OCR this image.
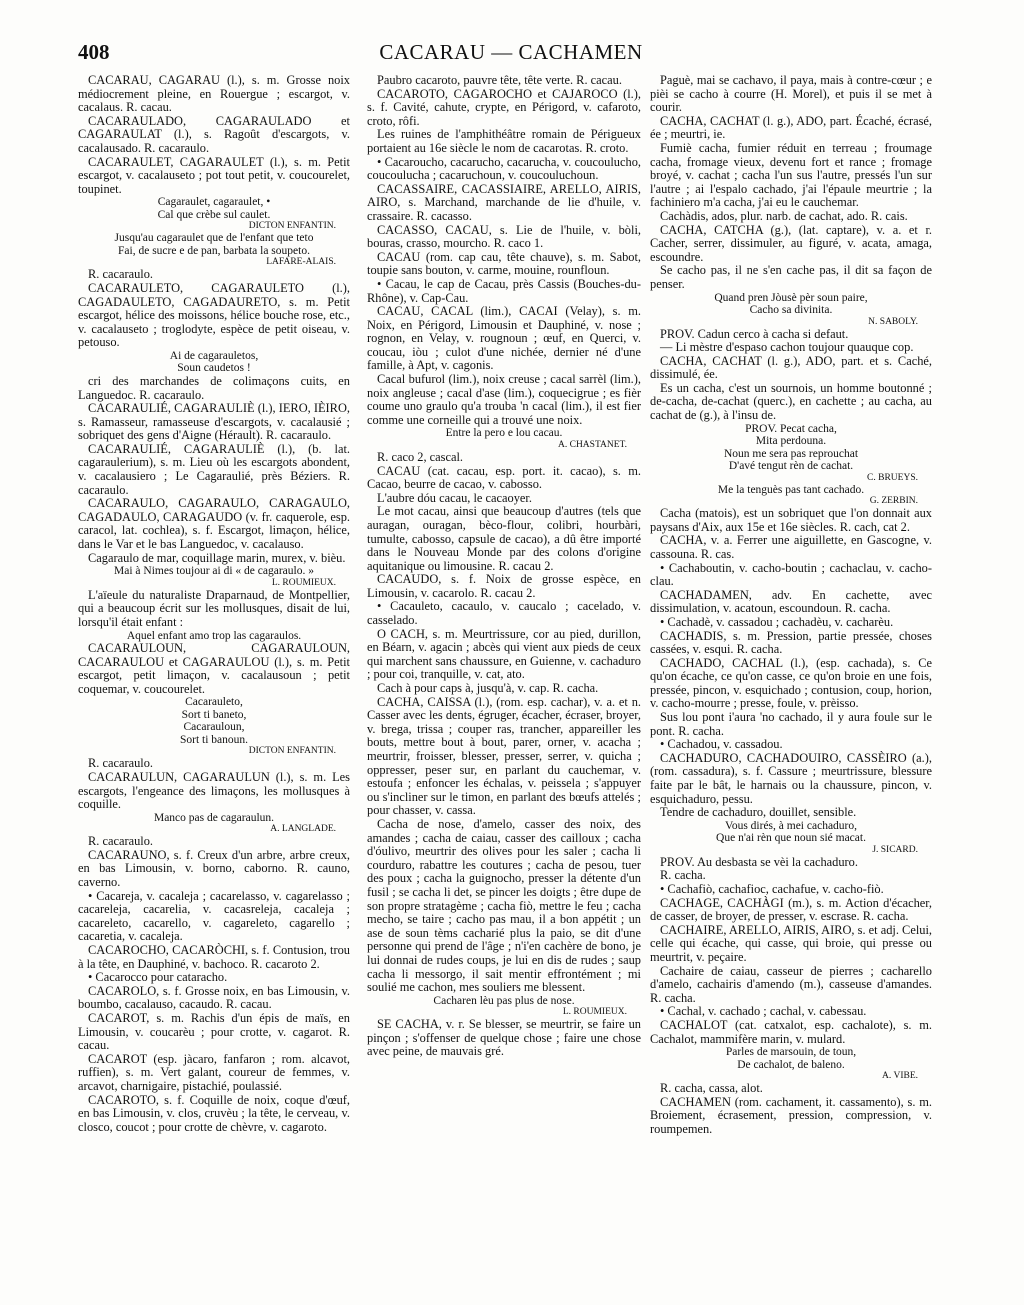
408	CACARAU — CACHAMEN

CACARAU, CAGARAU (l.), s. m. Grosse noix médiocrement pleine, en Rouergue ; escargot, v. cacalaus. R. cacau.

CACARAULADO, CAGARAULADO et CAGARAULAT (l.), s. Ragoût d'escargots, v. cacalausado. R. cacaraulo.

CACARAULET, CAGARAULET (l.), s. m. Petit escargot, v. cacalauseto ; pot tout petit, v. coucourelet, toupinet.

Cagaraulet, cagaraulet, •

Cal que crèbe sul caulet.

DICTON ENFANTIN.

Jusqu'au cagaraulet que de l'enfant que teto

Fai, de sucre e de pan, barbata la soupeto.

LAFARE-ALAIS.

R. cacaraulo.

CACARAULETO, CAGARAULETO (l.), CAGADAULETO, CAGADAURETO, s. m. Petit escargot, hélice des moissons, hélice bouche rose, etc., v. cacalauseto ; troglodyte, espèce de petit oiseau, v. petouso.

Ai de cagarauletos,

Soun caudetos !

cri des marchandes de colimaçons cuits, en Languedoc. R. cacaraulo.

CACARAULIÉ, CAGARAULIÈ (l.), IERO, IÈIRO, s. Ramasseur, ramasseuse d'escargots, v. cacalausié ; sobriquet des gens d'Aigne (Hérault). R. cacaraulo.

CACARAULIÉ, CAGARAULIÈ (l.), (b. lat. cagaraulerium), s. m. Lieu où les escargots abondent, v. cacalausiero ; Le Cagaraulié, près Béziers. R. cacaraulo.

CACARAULO, CAGARAULO, CARAGAULO, CAGADAULO, CARAGAUDO (v. fr. caquerole, esp. caracol, lat. cochlea), s. f. Escargot, limaçon, hélice, dans le Var et le bas Languedoc, v. cacalauso.

Cagaraulo de mar, coquillage marin, murex, v. bièu.

Mai à Nimes toujour ai di « de cagaraulo. »

L. ROUMIEUX.

L'aïeule du naturaliste Draparnaud, de Montpellier, qui a beaucoup écrit sur les mollusques, disait de lui, lorsqu'il était enfant :

Aquel enfant amo trop las cagaraulos.

CACARAULOUN, CAGARAULOUN, CACARAULOU et CAGARAULOU (l.), s. m. Petit escargot, petit limaçon, v. cacalausoun ; petit coquemar, v. coucourelet.

Cacarauleto,

Sort ti baneto,

Cacarauloun,

Sort ti banoun.

DICTON ENFANTIN.

R. cacaraulo.

CACARAULUN, CAGARAULUN (l.), s. m. Les escargots, l'engeance des limaçons, les mollusques à coquille.

Manco pas de cagaraulun.

A. LANGLADE.

R. cacaraulo.

CACARAUNO, s. f. Creux d'un arbre, arbre creux, en bas Limousin, v. borno, caborno. R. cauno, caverno.

• Cacareja, v. cacaleja ; cacarelasso, v. cagarelasso ; cacareleja, cacarelia, v. cacasreleja, cacaleja ; cacareleto, cacarello, v. cagareleto, cagarello ; cacaretia, v. cacaleja.

CACAROCHO, CACARÒCHI, s. f. Contusion, trou à la tête, en Dauphiné, v. bachoco. R. cacaroto 2.

• Cacarocco pour cataracho.

CACAROLO, s. f. Grosse noix, en bas Limousin, v. boumbo, cacalauso, cacaudo. R. cacau.

CACAROT, s. m. Rachis d'un épis de maïs, en Limousin, v. coucarèu ; pour crotte, v. cagarot. R. cacau.

CACAROT (esp. jàcaro, fanfaron ; rom. alcavot, ruffien), s. m. Vert galant, coureur de femmes, v. arcavot, charnigaire, pistachié, poulassié.

CACAROTO, s. f. Coquille de noix, coque d'œuf, en bas Limousin, v. clos, cruvèu ; la tête, le cerveau, v. closco, coucot ; pour crotte de chèvre, v. cagaroto.

Paubro cacaroto, pauvre tête, tête verte. R. cacau.

CACAROTO, CAGAROCHO et CAJAROCO (l.), s. f. Cavité, cahute, crypte, en Périgord, v. cafaroto, croto, rôfi.

Les ruines de l'amphithéâtre romain de Périgueux portaient au 16e siècle le nom de cacarotas. R. croto.

• Cacaroucho, cacarucho, cacarucha, v. coucoulucho, coucoulucha ; cacaruchoun, v. coucouluchoun.

CACASSAIRE, CACASSIAIRE, ARELLO, AIRIS, AIRO, s. Marchand, marchande de lie d'huile, v. crassaire. R. cacasso.

CACASSO, CACAU, s. Lie de l'huile, v. bòli, bouras, crasso, mourcho. R. caco 1.

CACAU (rom. cap cau, tête chauve), s. m. Sabot, toupie sans bouton, v. carme, mouine, rounfloun.

• Cacau, le cap de Cacau, près Cassis (Bouches-du-Rhône), v. Cap-Cau.

CACAU, CACAL (lim.), CACAI (Velay), s. m. Noix, en Périgord, Limousin et Dauphiné, v. nose ; rognon, en Velay, v. rougnoun ; œuf, en Querci, v. coucau, iòu ; culot d'une nichée, dernier né d'une famille, à Apt, v. cagonis.

Cacal bufurol (lim.), noix creuse ; cacal sarrèl (lim.), noix angleuse ; cacal d'ase (lim.), coquecigrue ; es fièr coume uno graulo qu'a trouba 'n cacal (lim.), il est fier comme une corneille qui a trouvé une noix.

Entre la pero e lou cacau.

A. CHASTANET.

R. caco 2, cascal.

CACAU (cat. cacau, esp. port. it. cacao), s. m. Cacao, beurre de cacao, v. cabosso.

L'aubre dóu cacau, le cacaoyer.

Le mot cacau, ainsi que beaucoup d'autres (tels que auragan, ouragan, bèco-flour, colibri, hourbàri, tumulte, cabosso, capsule de cacao), a dû être importé dans le Nouveau Monde par des colons d'origine aquitanique ou limousine. R. cacau 2.

CACAUDO, s. f. Noix de grosse espèce, en Limousin, v. cacarolo. R. cacau 2.

• Cacauleto, cacaulo, v. caucalo ; cacelado, v. casselado.

O CACH, s. m. Meurtrissure, cor au pied, durillon, en Béarn, v. agacin ; abcès qui vient aux pieds de ceux qui marchent sans chaussure, en Guienne, v. cachaduro ; pour coi, tranquille, v. cat, ato.

Cach à pour caps à, jusqu'à, v. cap. R. cacha.

CACHA, CAISSA (l.), (rom. esp. cachar), v. a. et n. Casser avec les dents, égruger, écacher, écraser, broyer, v. brega, trissa ; couper ras, trancher, appareiller les bouts, mettre bout à bout, parer, orner, v. acacha ; meurtrir, froisser, blesser, presser, serrer, v. quicha ; oppresser, peser sur, en parlant du cauchemar, v. estoufa ; enfoncer les échalas, v. peissela ; s'appuyer ou s'incliner sur le timon, en parlant des bœufs attelés ; pour chasser, v. cassa.

Cacha de nose, d'amelo, casser des noix, des amandes ; cacha de caiau, casser des cailloux ; cacha d'óulivo, meurtrir des olives pour les saler ; cacha li courduro, rabattre les coutures ; cacha de pesou, tuer des poux ; cacha la guignocho, presser la détente d'un fusil ; se cacha li det, se pincer les doigts ; être dupe de son propre stratagème ; cacha fiò, mettre le feu ; cacha mecho, se taire ; cacho pas mau, il a bon appétit ; un ase de soun tèms cacharié plus la paio, se dit d'une personne qui prend de l'âge ; n'i'en cachère de bono, je lui donnai de rudes coups, je lui en dis de rudes ; saup cacha li messorgo, il sait mentir effrontément ; mi soulié me cachon, mes souliers me blessent.

Cacharen lèu pas plus de nose.

L. ROUMIEUX.

SE CACHA, v. r. Se blesser, se meurtrir, se faire un pinçon ; s'offenser de quelque chose ; faire une chose avec peine, de mauvais gré.

Paguè, mai se cachavo, il paya, mais à contre-cœur ; e pièi se cacho à courre (H. Morel), et puis il se met à courir.

CACHA, CACHAT (l. g.), ADO, part. Écaché, écrasé, ée ; meurtri, ie.

Fumiè cacha, fumier réduit en terreau ; froumage cacha, fromage vieux, devenu fort et rance ; fromage broyé, v. cachat ; cacha l'un sus l'autre, pressés l'un sur l'autre ; ai l'espalo cachado, j'ai l'épaule meurtrie ; la fachiniero m'a cacha, j'ai eu le cauchemar.

Cachàdis, ados, plur. narb. de cachat, ado. R. cais.

CACHA, CATCHA (g.), (lat. captare), v. a. et r. Cacher, serrer, dissimuler, au figuré, v. acata, amaga, escoundre.

Se cacho pas, il ne s'en cache pas, il dit sa façon de penser.

Quand pren Jòusè pèr soun paire,

Cacho sa divinita.

N. SABOLY.

PROV. Cadun cerco à cacha si defaut.

— Li mèstre d'espaso cachon toujour quauque cop.

CACHA, CACHAT (l. g.), ADO, part. et s. Caché, dissimulé, ée.

Es un cacha, c'est un sournois, un homme boutonné ; de-cacha, de-cachat (querc.), en cachette ; au cacha, au cachat de (g.), à l'insu de.

PROV. Pecat cacha,

Mita perdouna.

Noun me sera pas reprouchat

D'avé tengut rèn de cachat.

C. BRUEYS.

Me la tenguès pas tant cachado.

G. ZERBIN.

Cacha (matois), est un sobriquet que l'on donnait aux paysans d'Aix, aux 15e et 16e siècles. R. cach, cat 2.

CACHA, v. a. Ferrer une aiguillette, en Gascogne, v. cassouna. R. cas.

• Cachaboutin, v. cacho-boutin ; cachaclau, v. cacho-clau.

CACHADAMEN, adv. En cachette, avec dissimulation, v. acatoun, escoundoun. R. cacha.

• Cachadè, v. cassadou ; cachadèu, v. cacharèu.

CACHADIS, s. m. Pression, partie pressée, choses cassées, v. esqui. R. cacha.

CACHADO, CACHAL (l.), (esp. cachada), s. Ce qu'on écache, ce qu'on casse, ce qu'on broie en une fois, pressée, pincon, v. esquichado ; contusion, coup, horion, v. cacho-mourre ; presse, foule, v. prèisso.

Sus lou pont i'aura 'no cachado, il y aura foule sur le pont. R. cacha.

• Cachadou, v. cassadou.

CACHADURO, CACHADOUIRO, CASSÈIRO (a.), (rom. cassadura), s. f. Cassure ; meurtrissure, blessure faite par le bât, le harnais ou la chaussure, pincon, v. esquichaduro, pessu.

Tendre de cachaduro, douillet, sensible.

Vous dirés, à mei cachaduro,

Que n'ai rèn que noun sié macat.

J. SICARD.

PROV. Au desbasta se vèi la cachaduro.

R. cacha.

• Cachafiò, cachafioc, cachafue, v. cacho-fiò.

CACHAGE, CACHÀGI (m.), s. m. Action d'écacher, de casser, de broyer, de presser, v. escrase. R. cacha.

CACHAIRE, ARELLO, AIRIS, AIRO, s. et adj. Celui, celle qui écache, qui casse, qui broie, qui presse ou meurtrit, v. peçaire.

Cachaire de caiau, casseur de pierres ; cacharello d'amelo, cachairis d'amendo (m.), casseuse d'amandes. R. cacha.

• Cachal, v. cachado ; cachal, v. cabessau.

CACHALOT (cat. catxalot, esp. cachalote), s. m. Cachalot, mammifère marin, v. mulard.

Parles de marsouin, de toun,

De cachalot, de baleno.

A. VIBE.

R. cacha, cassa, alot.

CACHAMEN (rom. cachament, it. cassamento), s. m. Broiement, écrasement, pression, compression, v. roumpemen.
